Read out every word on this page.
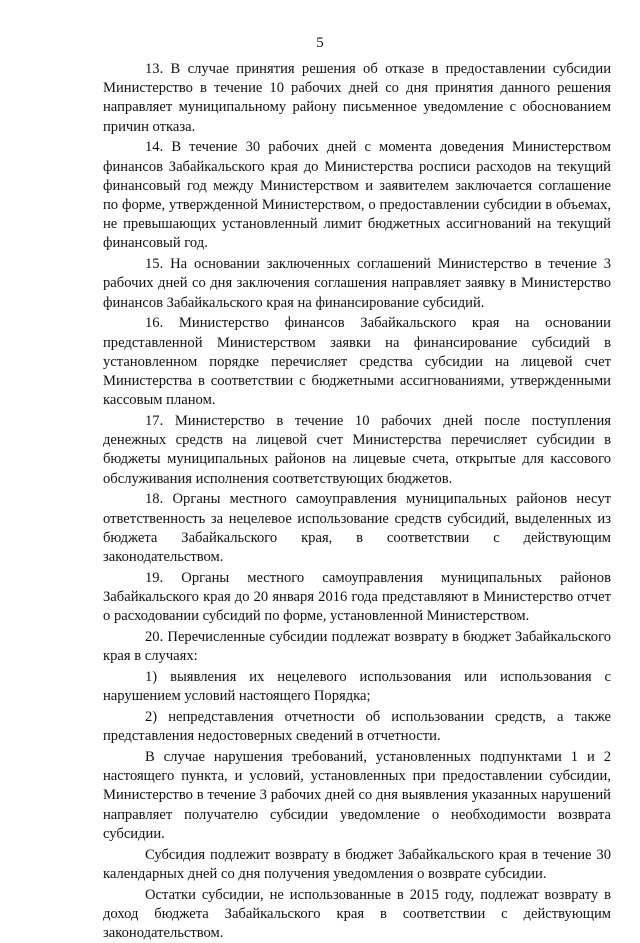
5

13. В случае принятия решения об отказе в предоставлении субсидии Министерство в течение 10 рабочих дней со дня принятия данного решения направляет муниципальному району письменное уведомление с обоснованием причин отказа.

14. В течение 30 рабочих дней с момента доведения Министерством финансов Забайкальского края до Министерства росписи расходов на текущий финансовый год между Министерством и заявителем заключается соглашение по форме, утвержденной Министерством, о предоставлении субсидии в объемах, не превышающих установленный лимит бюджетных ассигнований на текущий финансовый год.

15. На основании заключенных соглашений Министерство в течение 3 рабочих дней со дня заключения соглашения направляет заявку в Министерство финансов Забайкальского края на финансирование субсидий.

16. Министерство финансов Забайкальского края на основании представленной Министерством заявки на финансирование субсидий в установленном порядке перечисляет средства субсидии на лицевой счет Министерства в соответствии с бюджетными ассигнованиями, утвержденными кассовым планом.

17. Министерство в течение 10 рабочих дней после поступления денежных средств на лицевой счет Министерства перечисляет субсидии в бюджеты муниципальных районов на лицевые счета, открытые для кассового обслуживания исполнения соответствующих бюджетов.

18. Органы местного самоуправления муниципальных районов несут ответственность за нецелевое использование средств субсидий, выделенных из бюджета Забайкальского края, в соответствии с действующим законодательством.

19. Органы местного самоуправления муниципальных районов Забайкальского края до 20 января 2016 года представляют в Министерство отчет о расходовании субсидий по форме, установленной Министерством.

20. Перечисленные субсидии подлежат возврату в бюджет Забайкальского края в случаях:

1) выявления их нецелевого использования или использования с нарушением условий настоящего Порядка;

2) непредставления отчетности об использовании средств, а также представления недостоверных сведений в отчетности.

В случае нарушения требований, установленных подпунктами 1 и 2 настоящего пункта, и условий, установленных при предоставлении субсидии, Министерство в течение 3 рабочих дней со дня выявления указанных нарушений направляет получателю субсидии уведомление о необходимости возврата субсидии.

Субсидия подлежит возврату в бюджет Забайкальского края в течение 30 календарных дней со дня получения уведомления о возврате субсидии.

Остатки субсидии, не использованные в 2015 году, подлежат возврату в доход бюджета Забайкальского края в соответствии с действующим законодательством.
